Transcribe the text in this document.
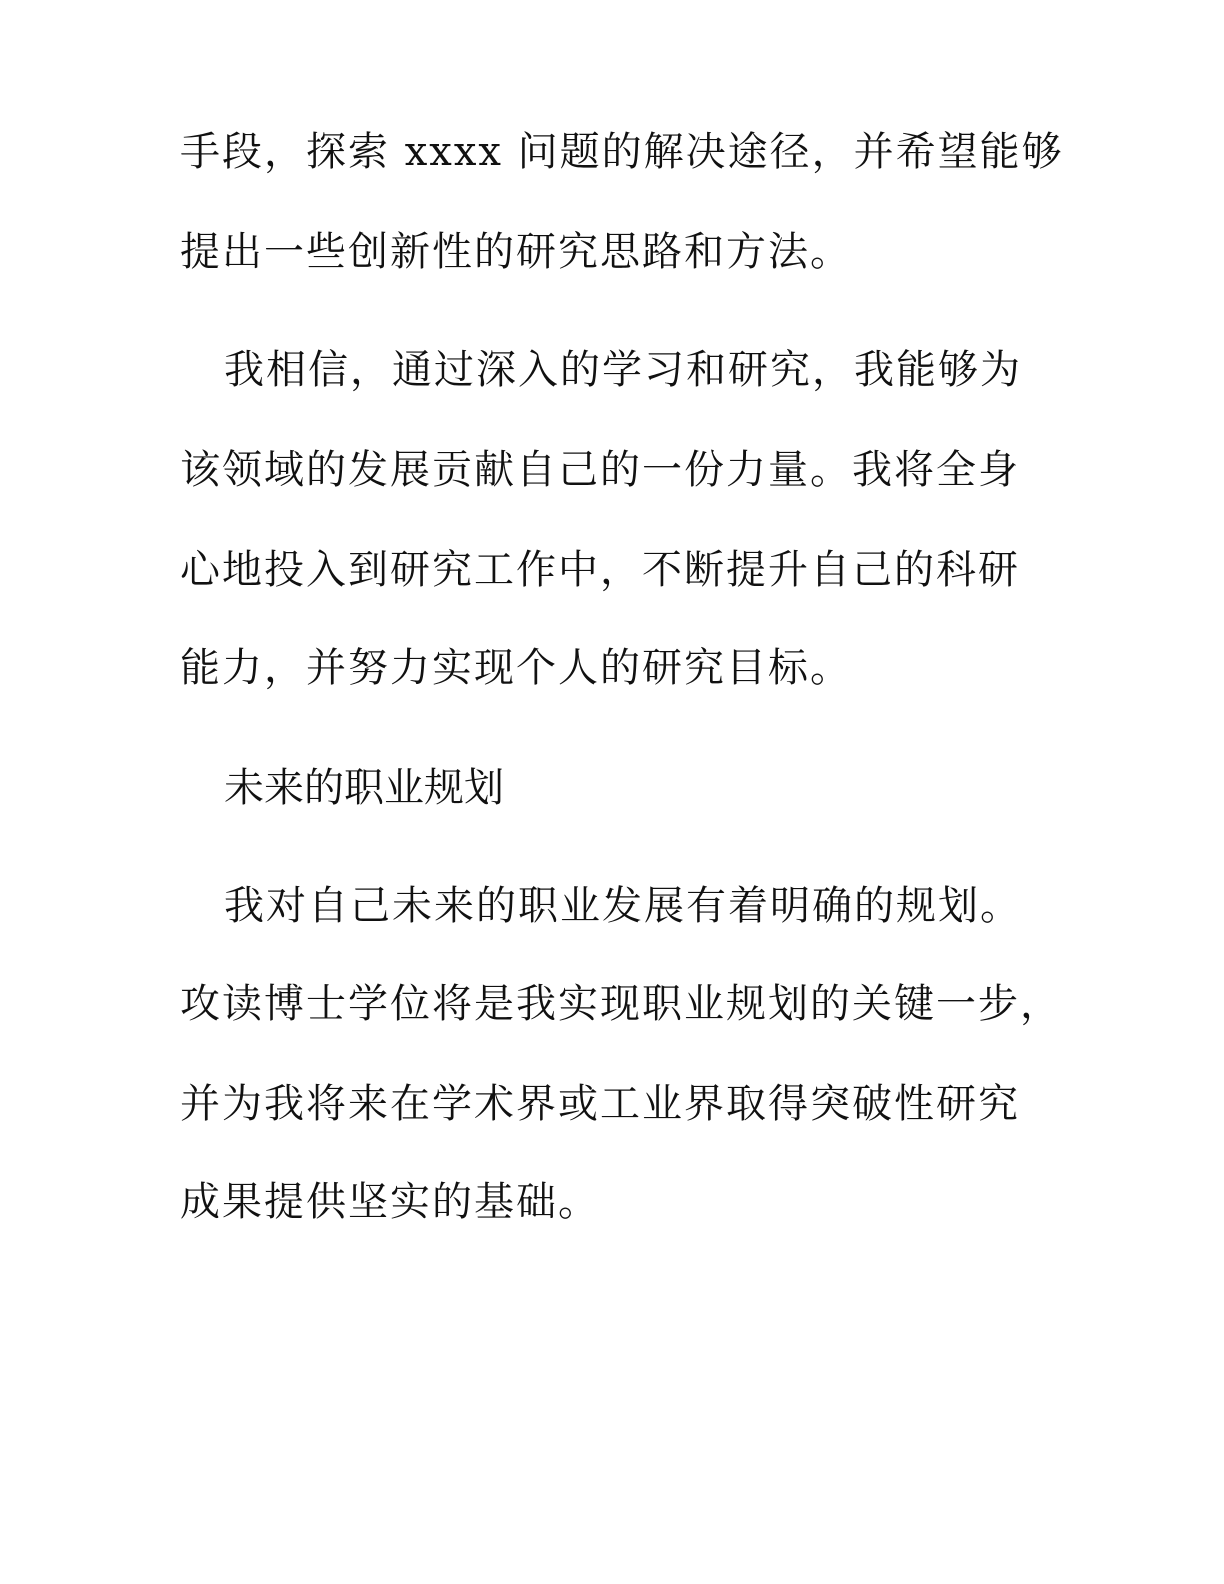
手段，探索 xxxx 问题的解决途径，并希望能够

提出一些创新性的研究思路和方法。

我相信，通过深入的学习和研究，我能够为

该领域的发展贡献自己的一份力量。我将全身

心地投入到研究工作中，不断提升自己的科研

能力，并努力实现个人的研究目标。

未来的职业规划

我对自己未来的职业发展有着明确的规划。

攻读博士学位将是我实现职业规划的关键一步，

并为我将来在学术界或工业界取得突破性研究

成果提供坚实的基础。
